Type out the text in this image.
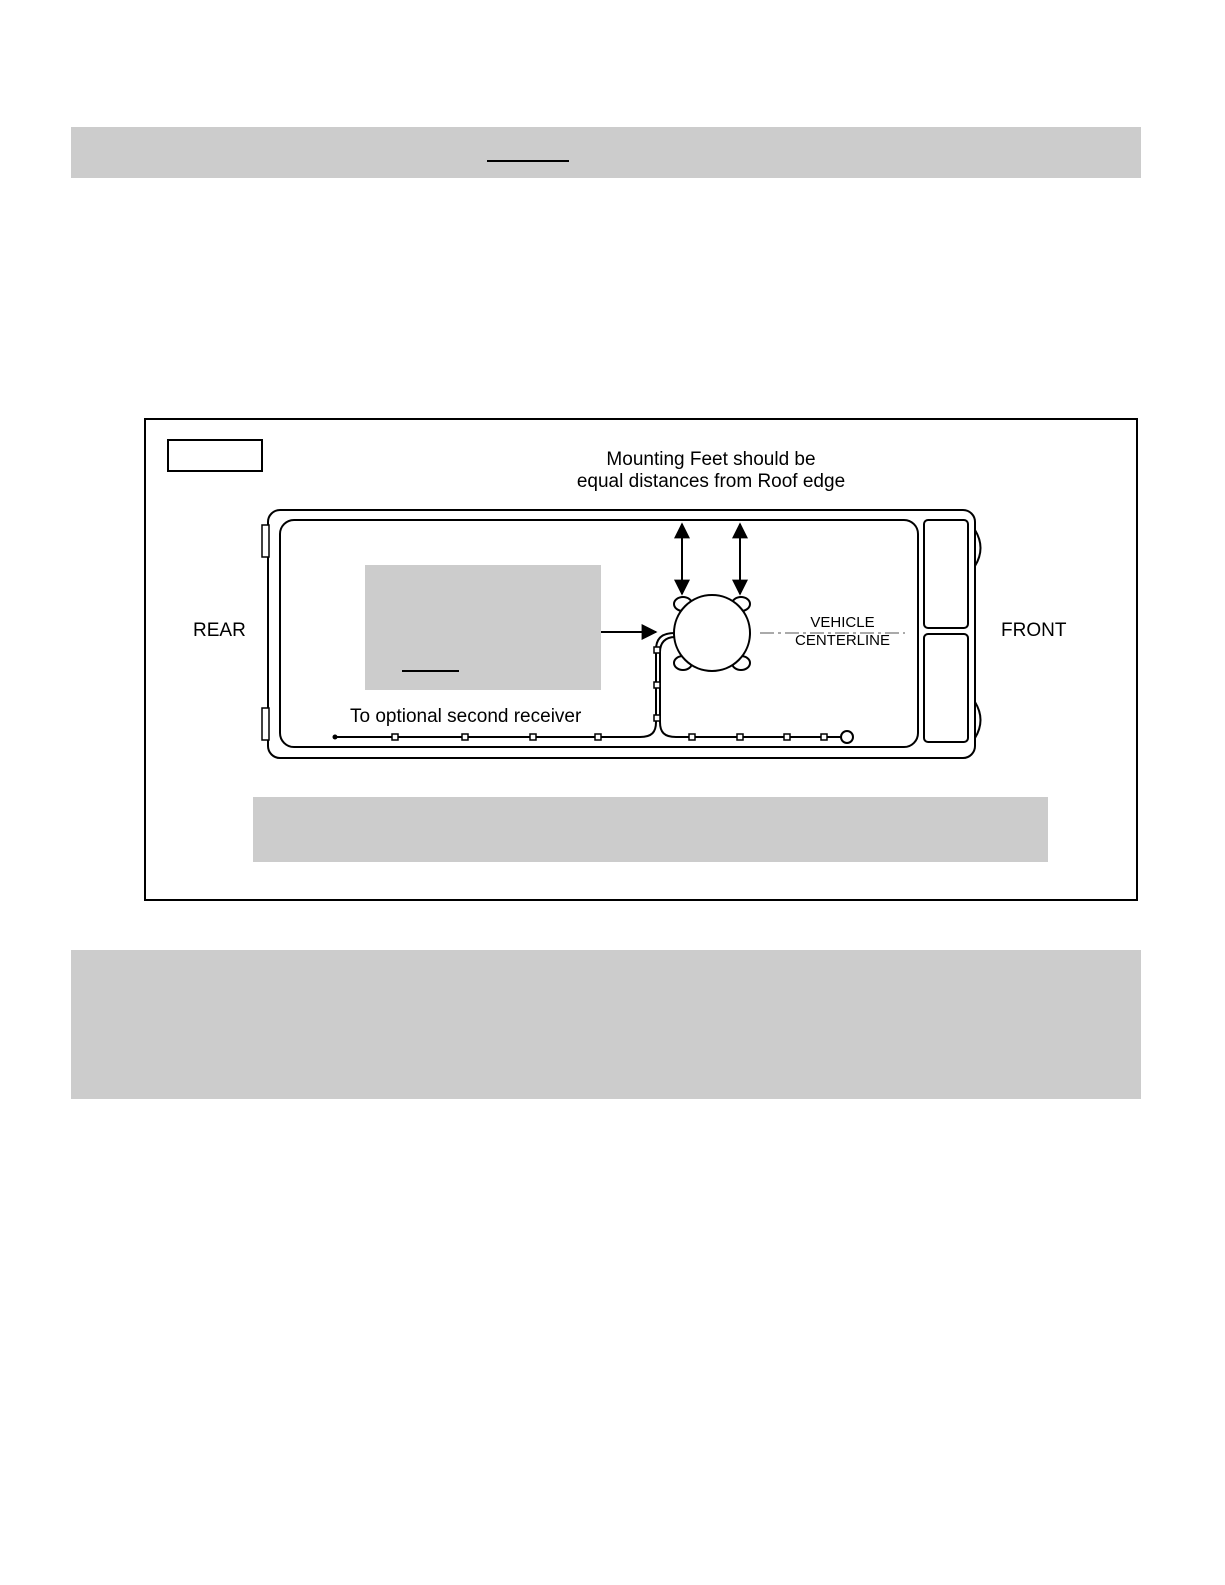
Mounting Feet should be
equal distances from Roof edge
REAR	FRONT
VEHICLE
CENTERLINE
To optional second receiver
